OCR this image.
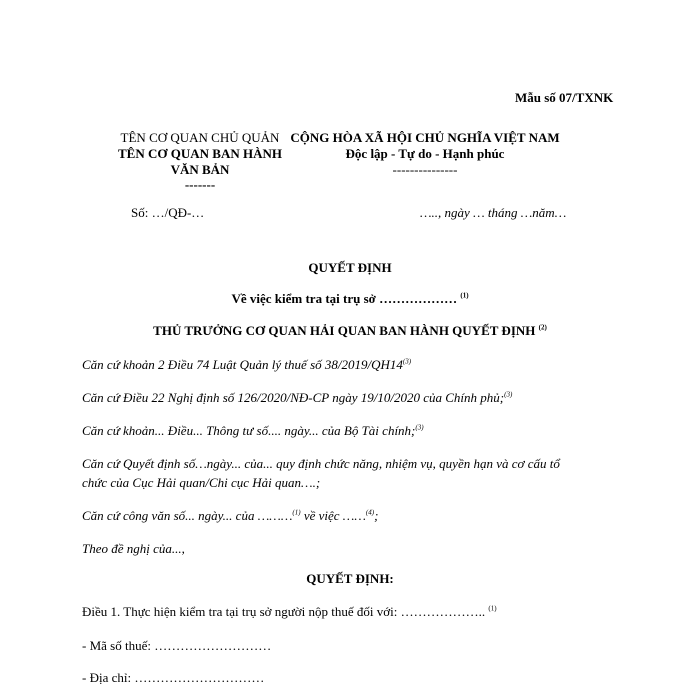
Mẫu số 07/TXNK
TÊN CƠ QUAN CHỦ QUẢN
TÊN CƠ QUAN BAN HÀNH
VĂN BẢN
-------
Số: …/QĐ-…
CỘNG HÒA XÃ HỘI CHỦ NGHĨA VIỆT NAM
Độc lập - Tự do - Hạnh phúc
---------------
….., ngày … tháng …năm…
QUYẾT ĐỊNH
Về việc kiểm tra tại trụ sở ……………… $^{(1)}$
THỦ TRƯỞNG CƠ QUAN HẢI QUAN BAN HÀNH QUYẾT ĐỊNH $^{(2)}$
Căn cứ khoản 2 Điều 74 Luật Quản lý thuế số 38/2019/QH14$^{(3)}$
Căn cứ Điều 22 Nghị định số 126/2020/NĐ-CP ngày 19/10/2020 của Chính phủ;$^{(3)}$
Căn cứ khoản... Điều... Thông tư số.... ngày... của Bộ Tài chính;$^{(3)}$
Căn cứ Quyết định số…ngày... của... quy định chức năng, nhiệm vụ, quyền hạn và cơ cấu tổ
chức của Cục Hải quan/Chi cục Hải quan….;
Căn cứ công văn số... ngày... của ………$^{(1)}$ về việc ……$^{(4)}$;
Theo đề nghị của...,
QUYẾT ĐỊNH:
Điều 1. Thực hiện kiểm tra tại trụ sở người nộp thuế đối với: ……………….. $^{(1)}$
- Mã số thuế: ………………………
- Địa chỉ: …………………………
